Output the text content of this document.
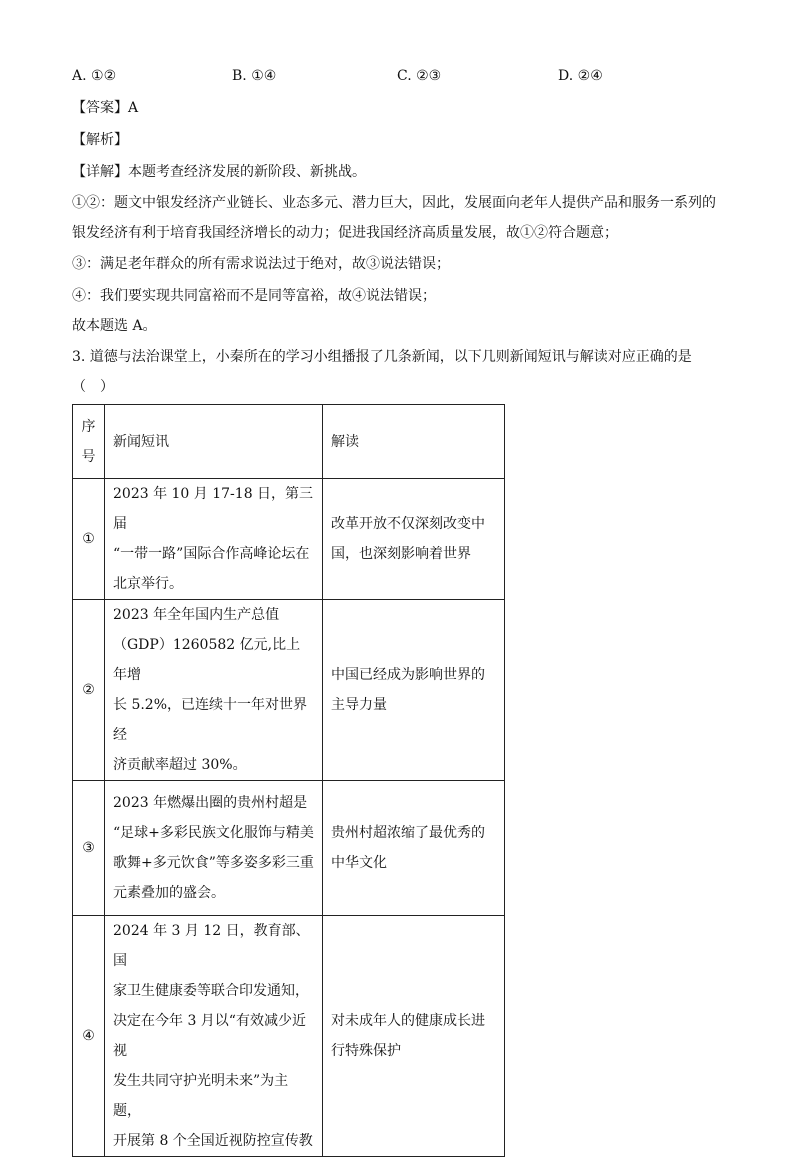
A. ①②	B. ①④	C. ②③	D. ②④
【答案】A
【解析】
【详解】本题考查经济发展的新阶段、新挑战。
①②：题文中银发经济产业链长、业态多元、潜力巨大，因此，发展面向老年人提供产品和服务一系列的
银发经济有利于培育我国经济增长的动力；促进我国经济高质量发展，故①②符合题意；
③：满足老年群众的所有需求说法过于绝对，故③说法错误；
④：我们要实现共同富裕而不是同等富裕，故④说法错误；
故本题选 A。
3. 道德与法治课堂上，小秦所在的学习小组播报了几条新闻，以下几则新闻短讯与解读对应正确的是
（　）
序
号	新闻短讯	解读
①	2023 年 10 月 17-18 日，第三届
“一带一路”国际合作高峰论坛在
北京举行。	改革开放不仅深刻改变中
国，也深刻影响着世界

②	2023 年全年国内生产总值
（GDP）1260582 亿元,比上年增
长 5.2%，已连续十一年对世界经
济贡献率超过 30%。	中国已经成为影响世界的
主导力量

③	2023 年燃爆出圈的贵州村超是
“足球+多彩民族文化服饰与精美
歌舞+多元饮食”等多姿多彩三重
元素叠加的盛会。	贵州村超浓缩了最优秀的
中华文化

④	2024 年 3 月 12 日，教育部、国
家卫生健康委等联合印发通知，
决定在今年 3 月以“有效减少近视
发生共同守护光明未来”为主题，
开展第 8 个全国近视防控宣传教	对未成年人的健康成长进
行特殊保护
